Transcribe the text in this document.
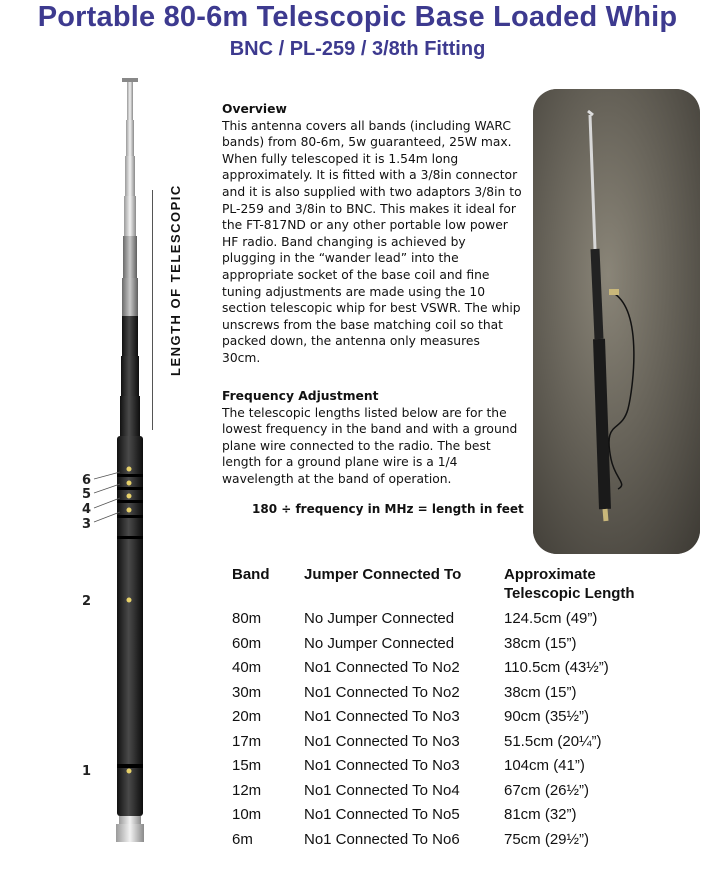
Portable 80-6m Telescopic Base Loaded Whip
BNC / PL-259 / 3/8th Fitting
6
5
4
3
2
1
LENGTH OF TELESCOPIC
Overview

This antenna covers all bands (including WARC bands) from 80-6m, 5w guaranteed, 25W max. When fully telescoped it is 1.54m long approximately. It is fitted with a 3/8in connector and it is also supplied with two adaptors 3/8in to PL-259 and 3/8in to BNC. This makes it ideal for the FT-817ND or any other portable low power HF radio. Band changing is achieved by plugging in the “wander lead” into the appropriate socket of the base coil and fine tuning adjustments are made using the 10 section telescopic whip for best VSWR. The whip unscrews from the base matching coil so that packed down, the antenna only measures 30cm.

Frequency Adjustment

The telescopic lengths listed below are for the lowest frequency in the band and with a ground plane wire connected to the radio. The best length for a ground plane wire is a 1/4 wavelength at the band of operation.

180 ÷ frequency in MHz = length in feet
Band Jumper Connected To	Approximate
Telescopic Length
80m	No Jumper Connected	124.5cm (49”)
60m	No Jumper Connected	38cm (15”)
40m	No1 Connected To No2	110.5cm (43½”)
30m	No1 Connected To No2	38cm (15”)
20m	No1 Connected To No3	90cm (35½”)
17m	No1 Connected To No3	51.5cm (20¼”)
15m	No1 Connected To No3	104cm (41”)
12m	No1 Connected To No4	67cm (26½”)
10m	No1 Connected To No5	81cm (32”)
6m	No1 Connected To No6	75cm (29½”)
